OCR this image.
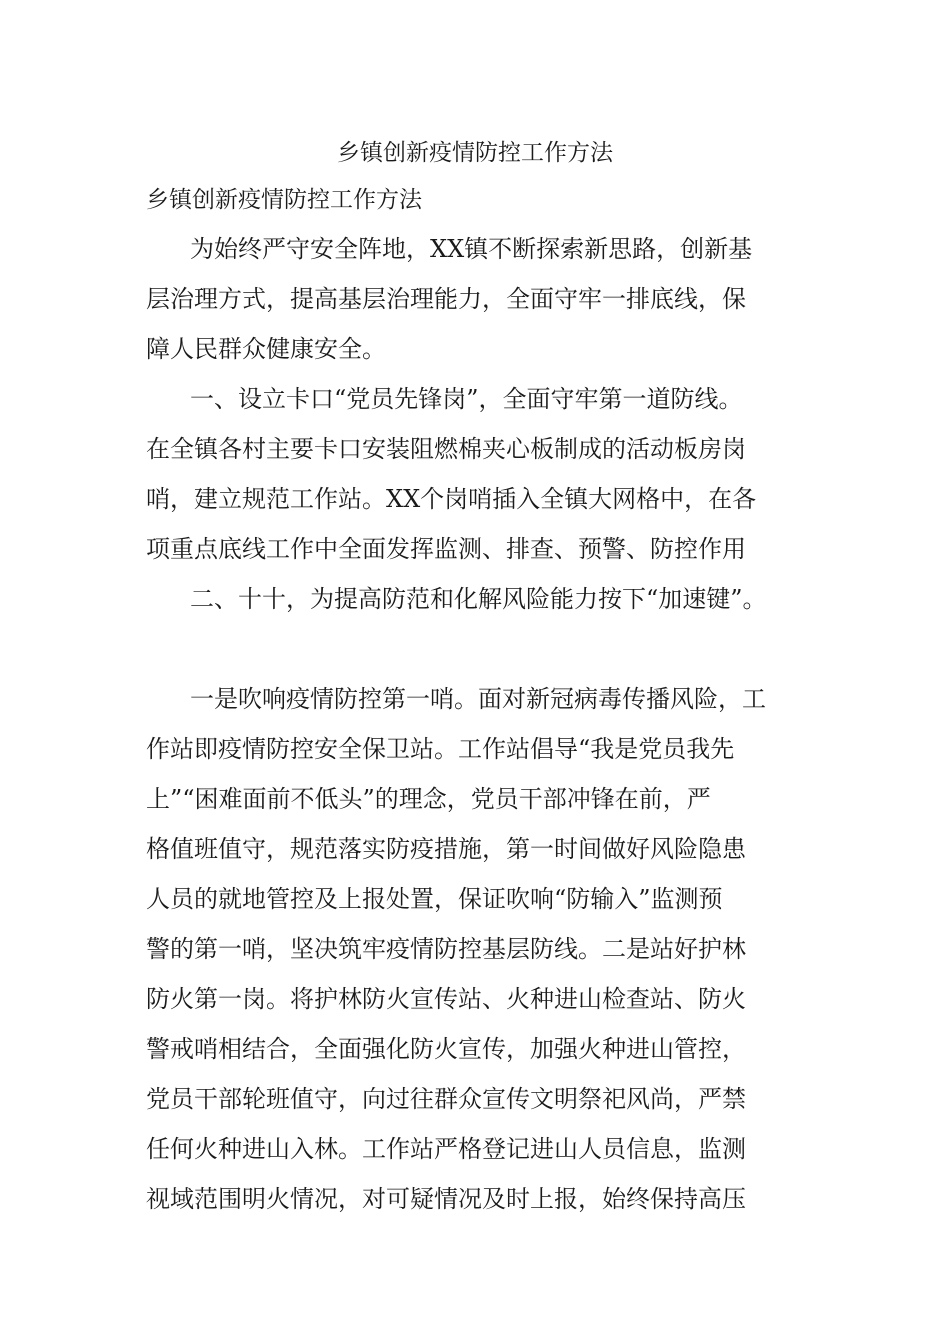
乡镇创新疫情防控工作方法
乡镇创新疫情防控工作方法
为始终严守安全阵地，XX镇不断探索新思路，创新基
层治理方式，提高基层治理能力，全面守牢一排底线，保
障人民群众健康安全。
一、设立卡口“党员先锋岗”，全面守牢第一道防线。
在全镇各村主要卡口安装阻燃棉夹心板制成的活动板房岗
哨，建立规范工作站。XX个岗哨插入全镇大网格中，在各
项重点底线工作中全面发挥监测、排查、预警、防控作用
二、十十，为提高防范和化解风险能力按下“加速键”。
一是吹响疫情防控第一哨。面对新冠病毒传播风险，工
作站即疫情防控安全保卫站。工作站倡导“我是党员我先
上”“困难面前不低头”的理念，党员干部冲锋在前，严
格值班值守，规范落实防疫措施，第一时间做好风险隐患
人员的就地管控及上报处置，保证吹响“防输入”监测预
警的第一哨，坚决筑牢疫情防控基层防线。二是站好护林
防火第一岗。将护林防火宣传站、火种进山检查站、防火
警戒哨相结合，全面强化防火宣传，加强火种进山管控，
党员干部轮班值守，向过往群众宣传文明祭祀风尚，严禁
任何火种进山入林。工作站严格登记进山人员信息，监测
视域范围明火情况，对可疑情况及时上报，始终保持高压
